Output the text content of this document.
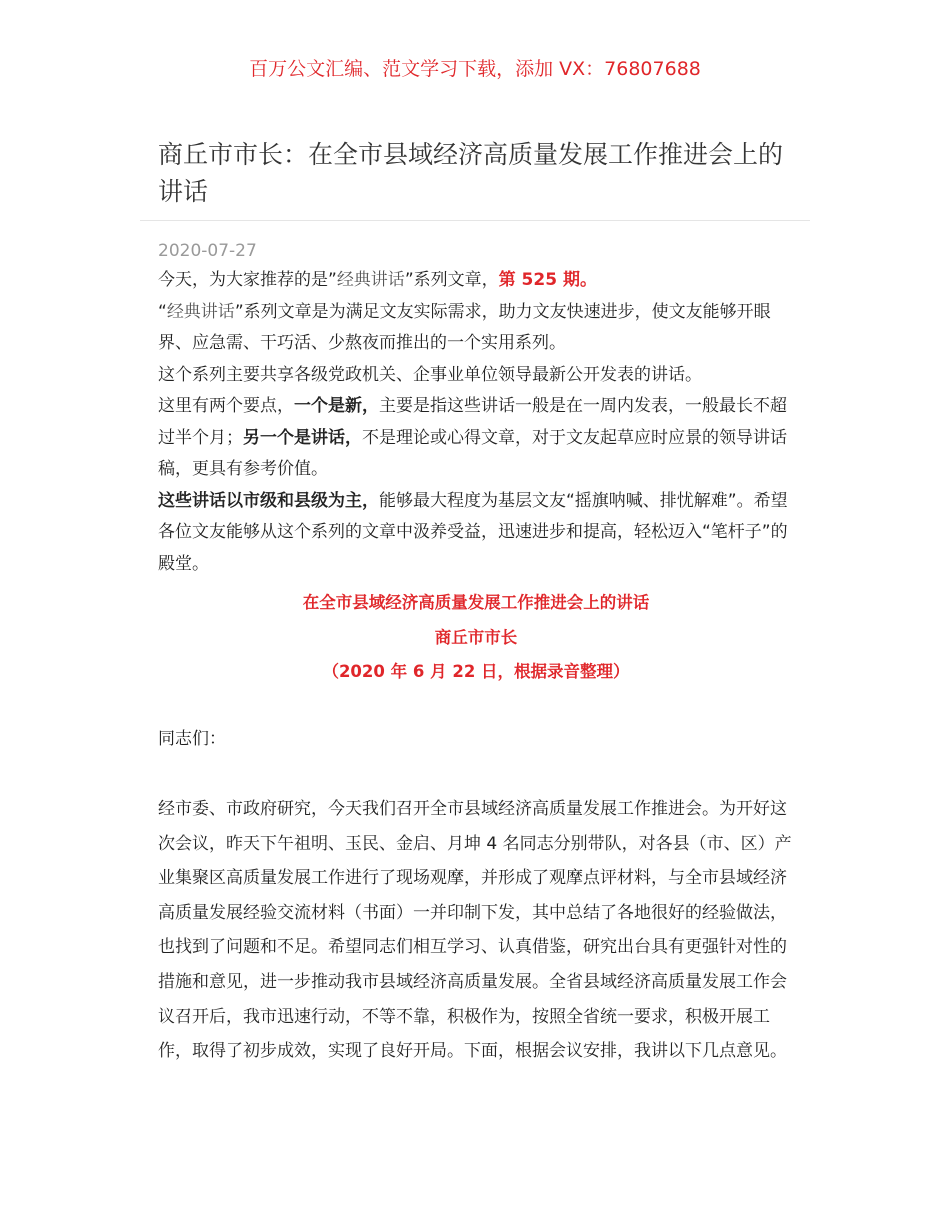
百万公文汇编、范文学习下载，添加 VX：76807688
商丘市市长：在全市县域经济高质量发展工作推进会上的讲话
2020-07-27

今天，为大家推荐的是”经典讲话”系列文章，第 525 期。

“经典讲话”系列文章是为满足文友实际需求，助力文友快速进步，使文友能够开眼界、应急需、干巧活、少熬夜而推出的一个实用系列。

这个系列主要共享各级党政机关、企事业单位领导最新公开发表的讲话。

这里有两个要点，一个是新，主要是指这些讲话一般是在一周内发表，一般最长不超过半个月；另一个是讲话，不是理论或心得文章，对于文友起草应时应景的领导讲话稿，更具有参考价值。

这些讲话以市级和县级为主，能够最大程度为基层文友“摇旗呐喊、排忧解难”。希望各位文友能够从这个系列的文章中汲养受益，迅速进步和提高，轻松迈入“笔杆子”的殿堂。

在全市县域经济高质量发展工作推进会上的讲话
商丘市市长
（2020 年 6 月 22 日，根据录音整理）
同志们：

经市委、市政府研究，今天我们召开全市县域经济高质量发展工作推进会。为开好这次会议，昨天下午祖明、玉民、金启、月坤 4 名同志分别带队，对各县（市、区）产业集聚区高质量发展工作进行了现场观摩，并形成了观摩点评材料，与全市县域经济高质量发展经验交流材料（书面）一并印制下发，其中总结了各地很好的经验做法，也找到了问题和不足。希望同志们相互学习、认真借鉴，研究出台具有更强针对性的措施和意见，进一步推动我市县域经济高质量发展。全省县域经济高质量发展工作会议召开后，我市迅速行动，不等不靠，积极作为，按照全省统一要求，积极开展工作，取得了初步成效，实现了良好开局。下面，根据会议安排，我讲以下几点意见。
